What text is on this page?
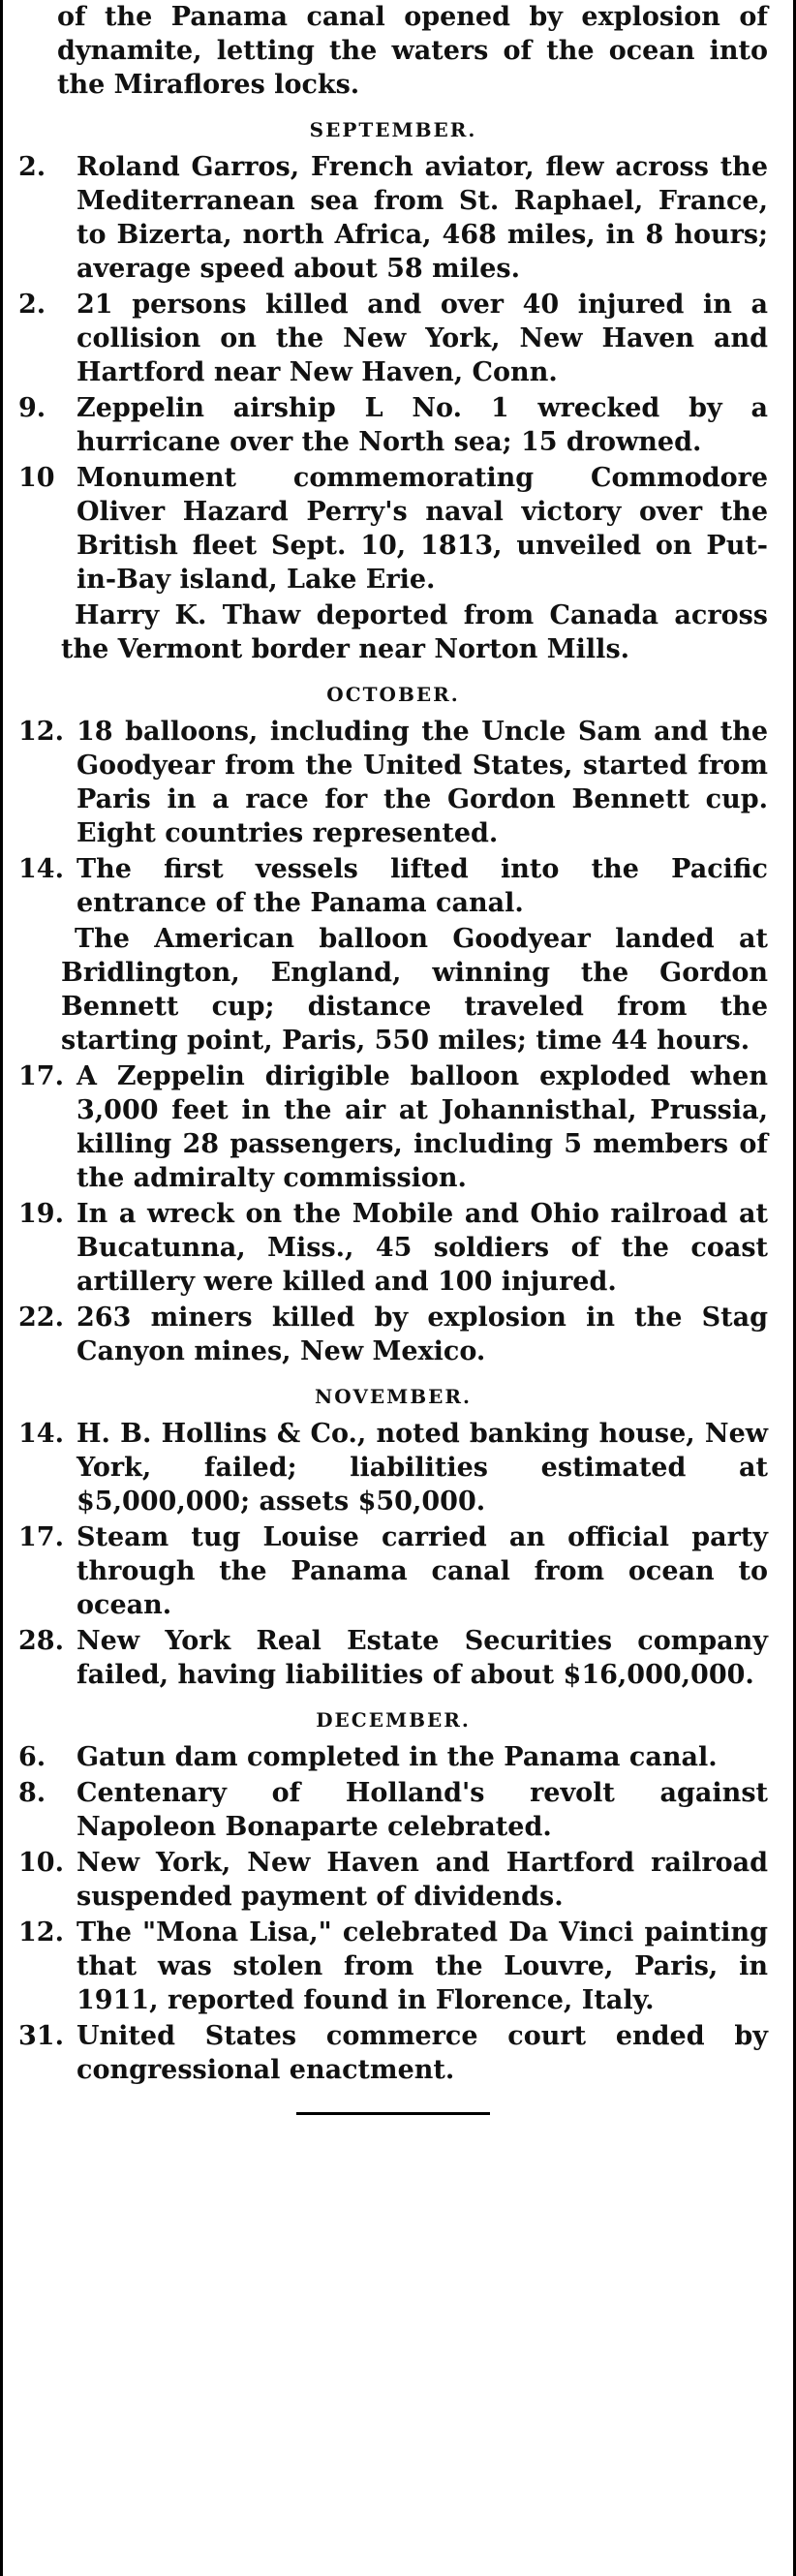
of the Panama canal opened by explosion of dynamite, letting the waters of the ocean into the Miraflores locks.

SEPTEMBER.
2.	Roland Garros, French aviator, flew across the Mediterranean sea from St. Raphael, France, to Bizerta, north Africa, 468 miles, in 8 hours; average speed about 58 miles.
2.	21 persons killed and over 40 injured in a collision on the New York, New Haven and Hartford near New Haven, Conn.
9.	Zeppelin airship L No. 1 wrecked by a hurricane over the North sea; 15 drowned.
10 Monument commemorating Commodore Oliver Hazard Perry's naval victory over the British fleet Sept. 10, 1813, unveiled on Put-in-Bay island, Lake Erie.
Harry K. Thaw deported from Canada across the Vermont border near Norton Mills.
OCTOBER.
12. 18 balloons, including the Uncle Sam and the Goodyear from the United States, started from Paris in a race for the Gordon Bennett cup. Eight countries represented.
14. The first vessels lifted into the Pacific entrance of the Panama canal.
The American balloon Goodyear landed at Bridlington, England, winning the Gordon Bennett cup; distance traveled from the starting point, Paris, 550 miles; time 44 hours.
17. A Zeppelin dirigible balloon exploded when 3,000 feet in the air at Johannisthal, Prussia, killing 28 passengers, including 5 members of the admiralty commission.
19. In a wreck on the Mobile and Ohio railroad at Bucatunna, Miss., 45 soldiers of the coast artillery were killed and 100 injured.
22. 263 miners killed by explosion in the Stag Canyon mines, New Mexico.
NOVEMBER.
14. H. B. Hollins & Co., noted banking house, New York, failed; liabilities estimated at $5,000,000; assets $50,000.
17. Steam tug Louise carried an official party through the Panama canal from ocean to ocean.
28. New York Real Estate Securities company failed, having liabilities of about $16,000,000.
DECEMBER.
6.	Gatun dam completed in the Panama canal.
8.	Centenary of Holland's revolt against Napoleon Bonaparte celebrated.
10. New York, New Haven and Hartford railroad suspended payment of dividends.
12. The "Mona Lisa," celebrated Da Vinci painting that was stolen from the Louvre, Paris, in 1911, reported found in Florence, Italy.
31. United States commerce court ended by congressional enactment.
